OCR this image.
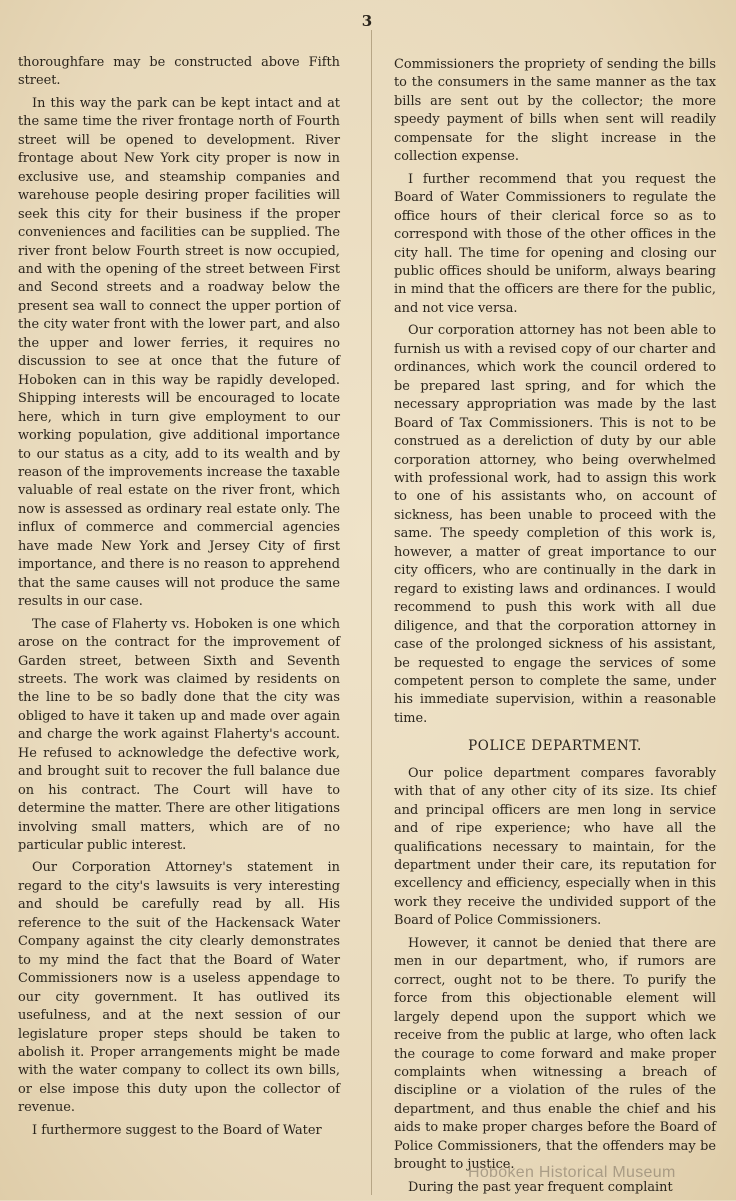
3

thoroughfare may be constructed above Fifth street.

In this way the park can be kept intact and at the same time the river frontage north of Fourth street will be opened to development. River frontage about New York city proper is now in exclusive use, and steamship companies and warehouse people desiring proper facilities will seek this city for their business if the proper conveniences and facilities can be supplied. The river front below Fourth street is now occupied, and with the opening of the street between First and Second streets and a roadway below the present sea wall to connect the upper portion of the city water front with the lower part, and also the upper and lower ferries, it requires no discussion to see at once that the future of Hoboken can in this way be rapidly developed. Shipping interests will be encouraged to locate here, which in turn give employment to our working population, give additional importance to our status as a city, add to its wealth and by reason of the improvements increase the taxable valuable of real estate on the river front, which now is assessed as ordinary real estate only. The influx of commerce and commercial agencies have made New York and Jersey City of first importance, and there is no reason to apprehend that the same causes will not produce the same results in our case.

The case of Flaherty vs. Hoboken is one which arose on the contract for the improvement of Garden street, between Sixth and Seventh streets. The work was claimed by residents on the line to be so badly done that the city was obliged to have it taken up and made over again and charge the work against Flaherty's account. He refused to acknowledge the defective work, and brought suit to recover the full balance due on his contract. The Court will have to determine the matter. There are other litigations involving small matters, which are of no particular public interest.

Our Corporation Attorney's statement in regard to the city's lawsuits is very interesting and should be carefully read by all. His reference to the suit of the Hackensack Water Company against the city clearly demonstrates to my mind the fact that the Board of Water Commissioners now is a useless appendage to our city government. It has outlived its usefulness, and at the next session of our legislature proper steps should be taken to abolish it. Proper arrangements might be made with the water company to collect its own bills, or else impose this duty upon the collector of revenue.

I furthermore suggest to the Board of Water

Commissioners the propriety of sending the bills to the consumers in the same manner as the tax bills are sent out by the collector; the more speedy payment of bills when sent will readily compensate for the slight increase in the collection expense.

I further recommend that you request the Board of Water Commissioners to regulate the office hours of their clerical force so as to correspond with those of the other offices in the city hall. The time for opening and closing our public offices should be uniform, always bearing in mind that the officers are there for the public, and not vice versa.

Our corporation attorney has not been able to furnish us with a revised copy of our charter and ordinances, which work the council ordered to be prepared last spring, and for which the necessary appropriation was made by the last Board of Tax Commissioners. This is not to be construed as a dereliction of duty by our able corporation attorney, who being overwhelmed with professional work, had to assign this work to one of his assistants who, on account of sickness, has been unable to proceed with the same. The speedy completion of this work is, however, a matter of great importance to our city officers, who are continually in the dark in regard to existing laws and ordinances. I would recommend to push this work with all due diligence, and that the corporation attorney in case of the prolonged sickness of his assistant, be requested to engage the services of some competent person to complete the same, under his immediate supervision, within a reasonable time.

POLICE DEPARTMENT.

Our police department compares favorably with that of any other city of its size. Its chief and principal officers are men long in service and of ripe experience; who have all the qualifications necessary to maintain, for the department under their care, its reputation for excellency and efficiency, especially when in this work they receive the undivided support of the Board of Police Commissioners.

However, it cannot be denied that there are men in our department, who, if rumors are correct, ought not to be there. To purify the force from this objectionable element will largely depend upon the support which we receive from the public at large, who often lack the courage to come forward and make proper complaints when witnessing a breach of discipline or a violation of the rules of the department, and thus enable the chief and his aids to make proper charges before the Board of Police Commissioners, that the offenders may be brought to justice.

During the past year frequent complaint

Hoboken Historical Museum
